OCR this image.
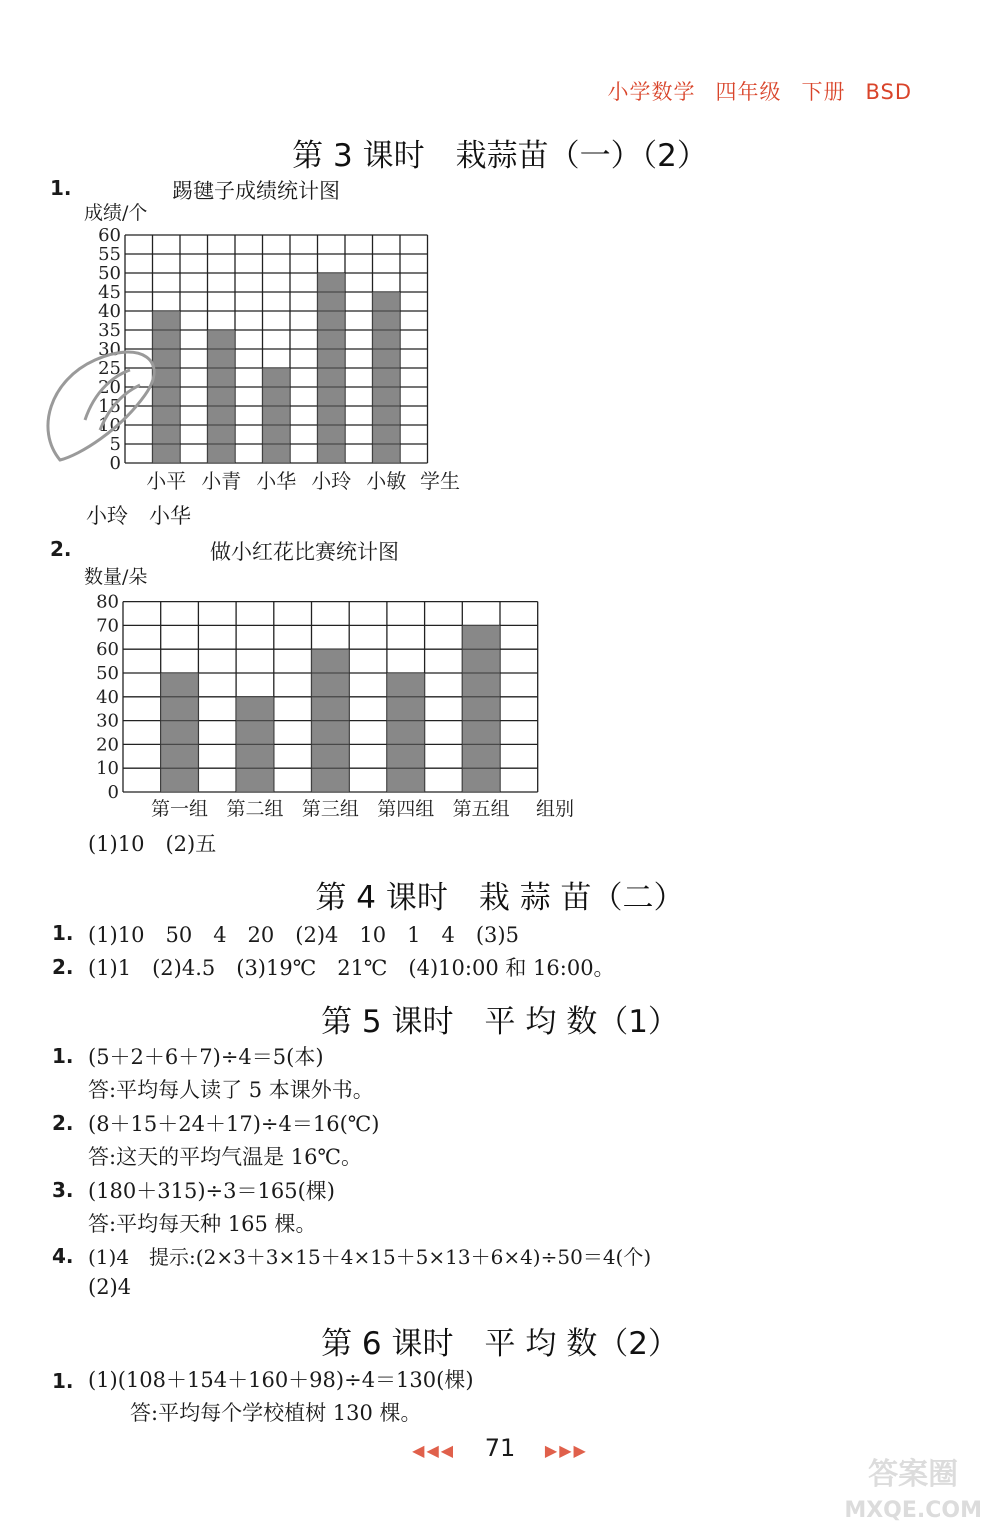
小学数学 四年级 下册 BSD
第 3 课时　栽蒜苗（一）（2）
1.	踢毽子成绩统计图
成绩/个
0
5
10
15
20
25
30
35
40
45
50
55
60
小平 小青 小华 小玲 小敏 学生
0
10
20
30
40
50
60
70
80
第一组 第二组 第三组 第四组 第五组 组别
小玲　小华
2.	做小红花比赛统计图
数量/朵
(1)10　(2)五
第 4 课时　栽 蒜 苗（二）
1. (1)10　50　4　20　(2)4　10　1　4　(3)5
2. (1)1　(2)4.5　(3)19℃　21℃　(4)10:00 和 16:00。
第 5 课时　平 均 数（1）
1. (5＋2＋6＋7)÷4＝5(本)
答:平均每人读了 5 本课外书。
2. (8＋15＋24＋17)÷4＝16(℃)
答:这天的平均气温是 16℃。
3. (180＋315)÷3＝165(棵)
答:平均每天种 165 棵。
4. (1)4　提示:(2×3＋3×15＋4×15＋5×13＋6×4)÷50＝4(个)
(2)4
第 6 课时　平 均 数（2）
1. (1)(108＋154＋160＋98)÷4＝130(棵)
答:平均每个学校植树 130 棵。
◀◀◀ 71 ▶▶▶
答案圈
MXQE.COM
